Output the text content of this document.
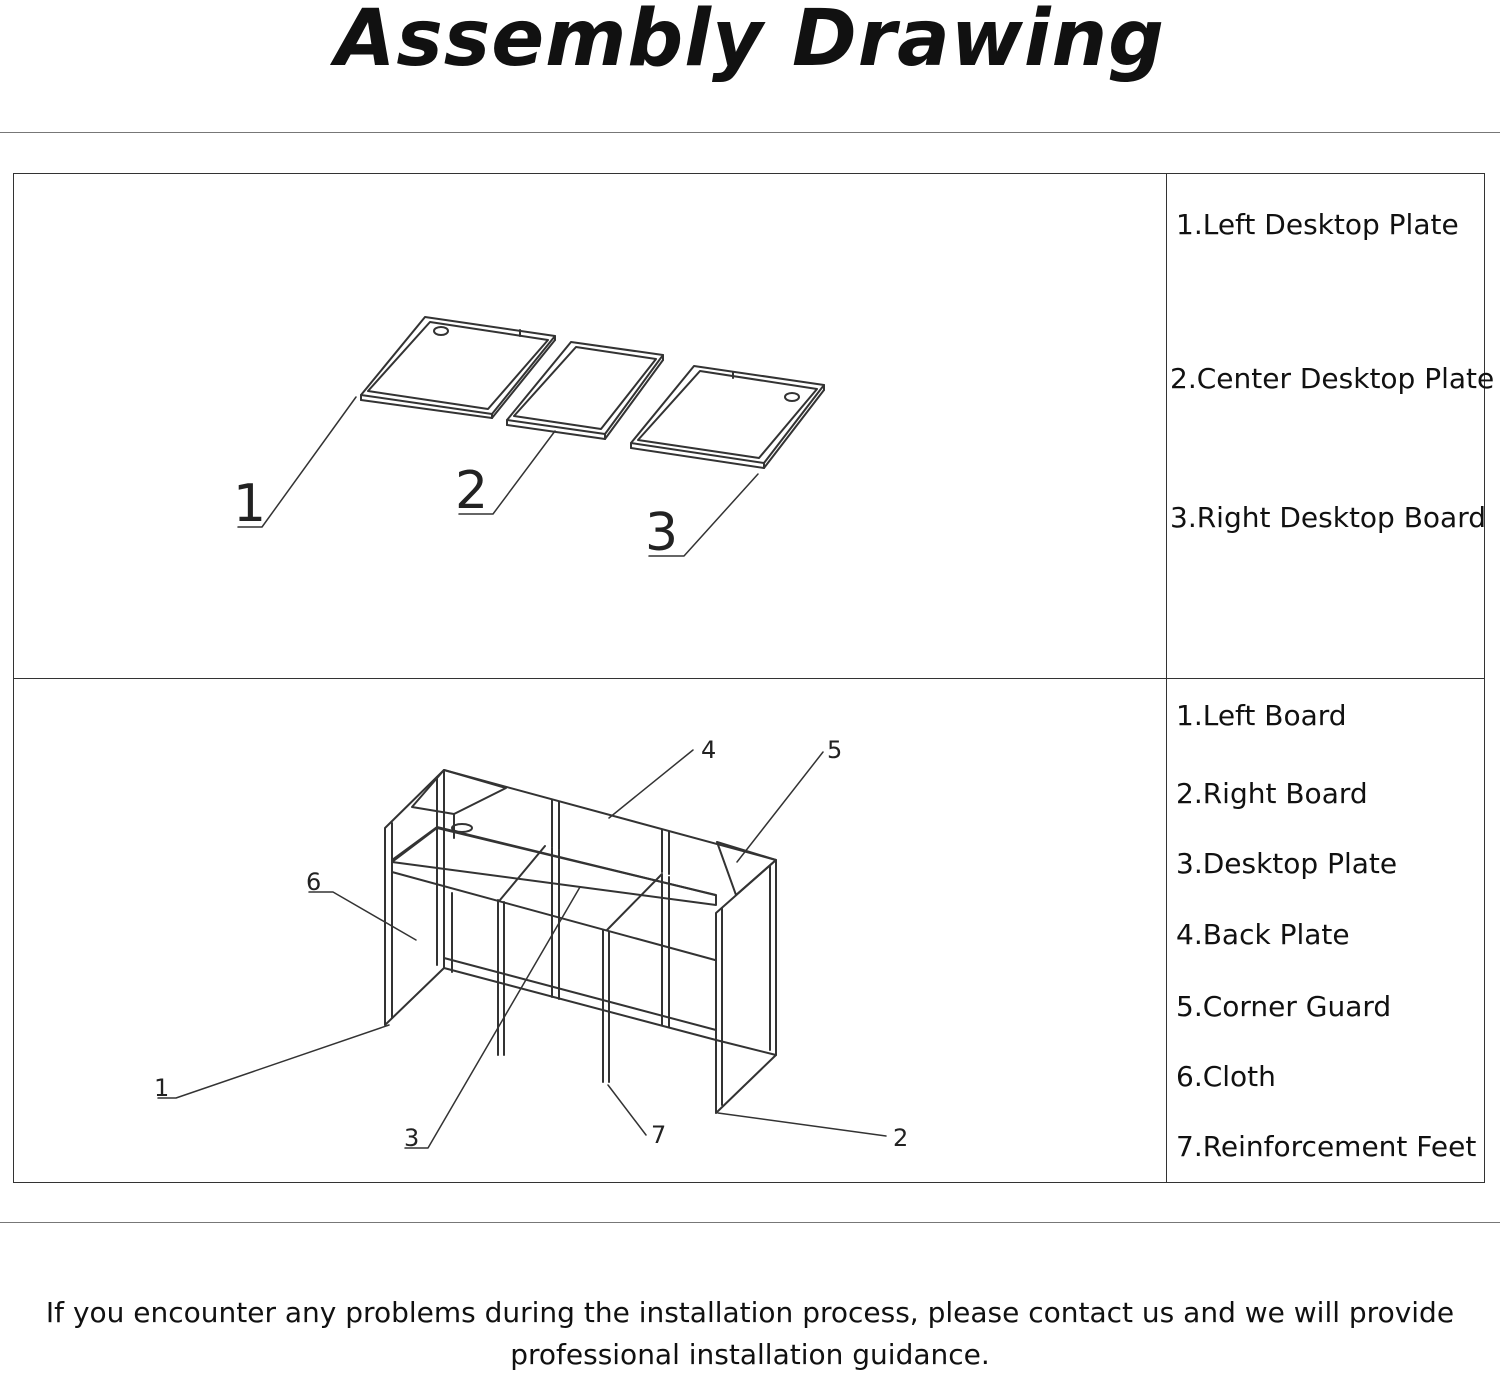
Assembly Drawing
1	2
3
1
2
3
4	5
6
7
1.Left Desktop Plate
2.Center Desktop Plate
3.Right Desktop Board
1.Left Board
2.Right Board
3.Desktop Plate
4.Back Plate
5.Corner Guard
6.Cloth
7.Reinforcement Feet
If you encounter any problems during the installation process, please contact us and we will provide professional installation guidance.
